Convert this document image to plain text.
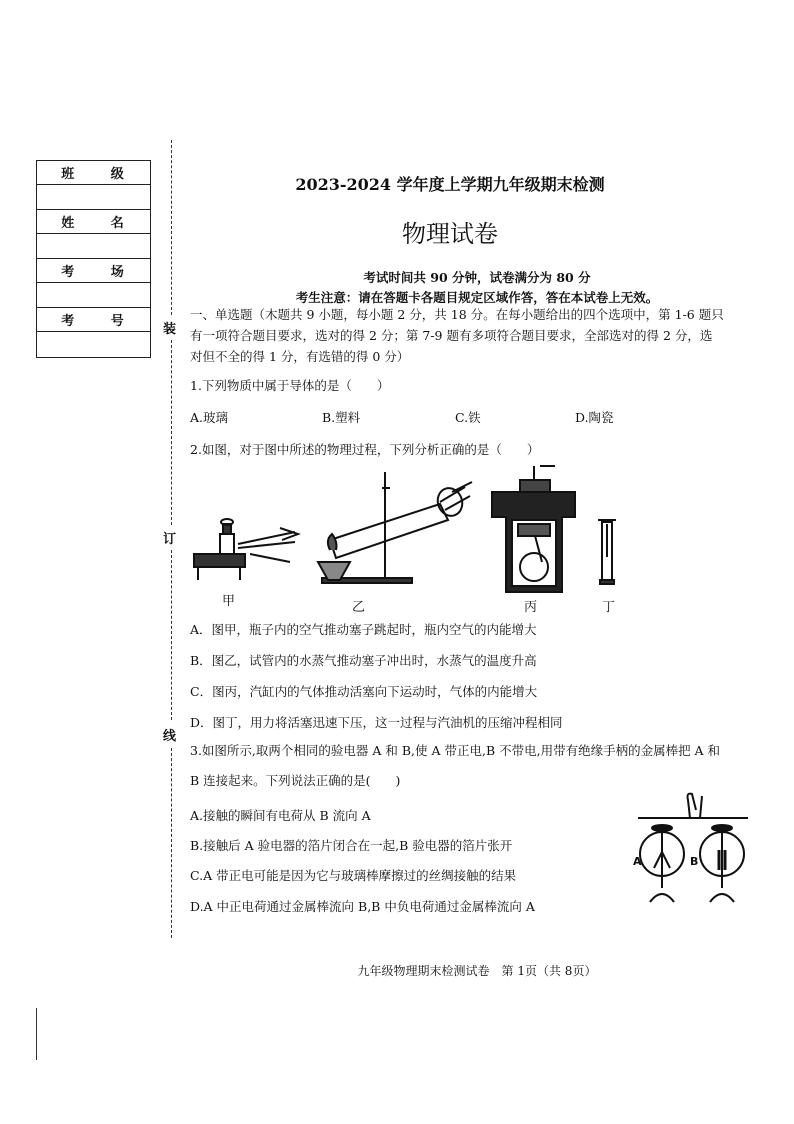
班 级
姓 名
考 场
考 号
装
订
线
2023-2024 学年度上学期九年级期末检测
物理试卷
考试时间共 90 分钟，试卷满分为 80 分
考生注意：请在答题卡各题目规定区域作答，答在本试卷上无效。
一、单选题（木题共 9 小题，每小题 2 分，共 18 分。在每小题给出的四个选项中，第 1-6 题只
有一项符合题目要求，选对的得 2 分；第 7-9 题有多项符合题目要求，全部选对的得 2 分，选
对但不全的得 1 分，有选错的得 0 分）
1.下列物质中属于导体的是（　　）
A.玻璃	B.塑料	C.铁	D.陶瓷
2.如图，对于图中所述的物理过程，下列分析正确的是（　　）
甲	乙	丙	丁
A．图甲，瓶子内的空气推动塞子跳起时，瓶内空气的内能增大
B．图乙，试管内的水蒸气推动塞子冲出时，水蒸气的温度升高
C．图丙，汽缸内的气体推动活塞向下运动时，气体的内能增大
D．图丁，用力将活塞迅速下压，这一过程与汽油机的压缩冲程相同
3.如图所示,取两个相同的验电器 A 和 B,使 A 带正电,B 不带电,用带有绝缘手柄的金属棒把 A 和
B 连接起来。下列说法正确的是(　　)
A.接触的瞬间有电荷从 B 流向 A
B.接触后 A 验电器的箔片闭合在一起,B 验电器的箔片张开
C.A 带正电可能是因为它与玻璃棒摩擦过的丝绸接触的结果
D.A 中正电荷通过金属棒流向 B,B 中负电荷通过金属棒流向 A
A	B
九年级物理期末检测试卷　第 1页（共 8页）
